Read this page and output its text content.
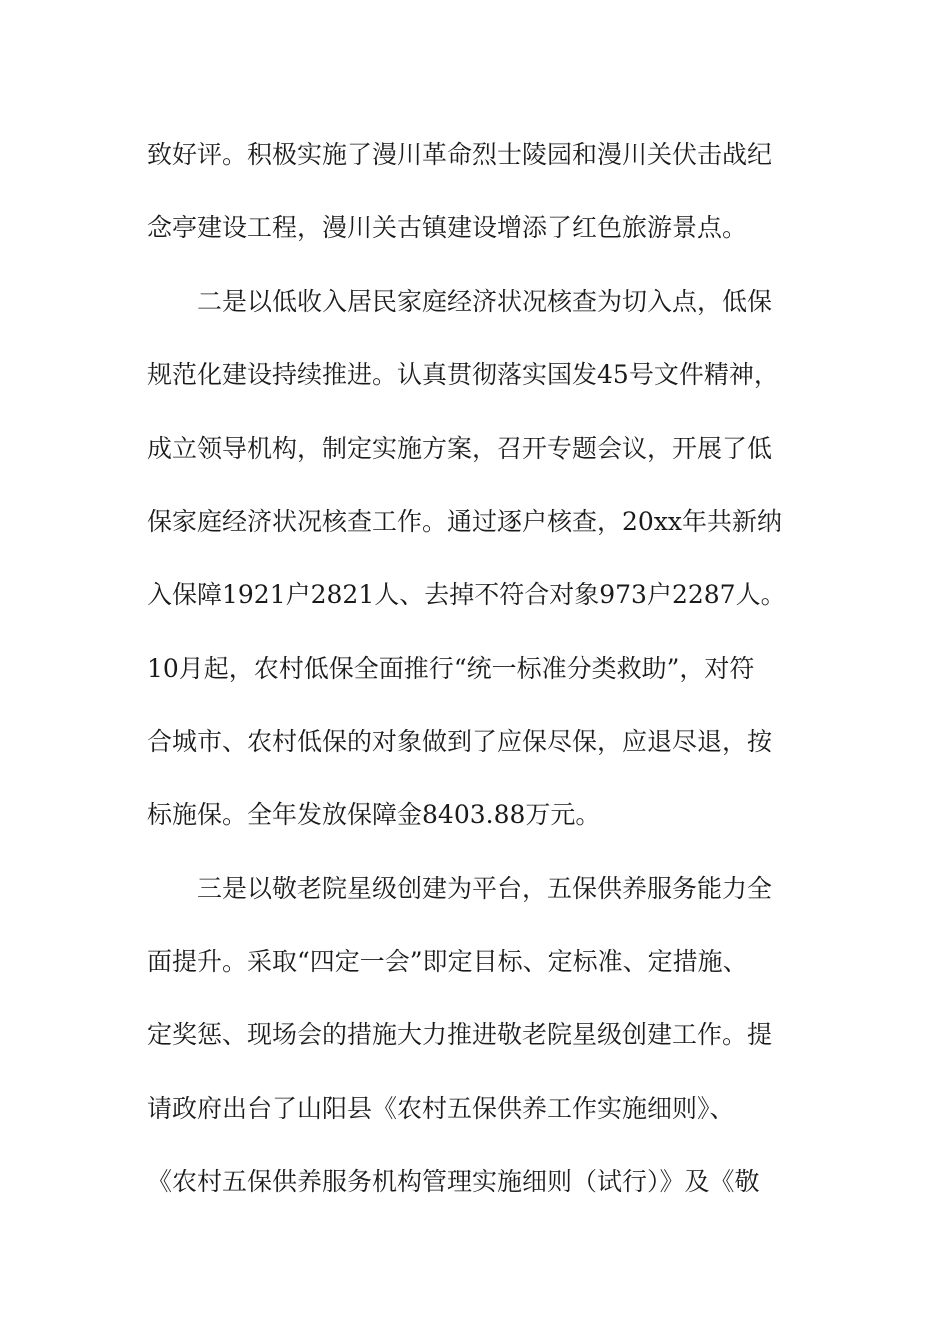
致好评。积极实施了漫川革命烈士陵园和漫川关伏击战纪
念亭建设工程，漫川关古镇建设增添了红色旅游景点。
二是以低收入居民家庭经济状况核查为切入点，低保
规范化建设持续推进。认真贯彻落实国发45号文件精神，
成立领导机构，制定实施方案，召开专题会议，开展了低
保家庭经济状况核查工作。通过逐户核查，20xx年共新纳
入保障1921户2821人、去掉不符合对象973户2287人。
10月起，农村低保全面推行“统一标准分类救助”，对符
合城市、农村低保的对象做到了应保尽保，应退尽退，按
标施保。全年发放保障金8403.88万元。
三是以敬老院星级创建为平台，五保供养服务能力全
面提升。采取“四定一会”即定目标、定标准、定措施、
定奖惩、现场会的措施大力推进敬老院星级创建工作。提
请政府出台了山阳县《农村五保供养工作实施细则》、
《农村五保供养服务机构管理实施细则（试行）》及《敬
